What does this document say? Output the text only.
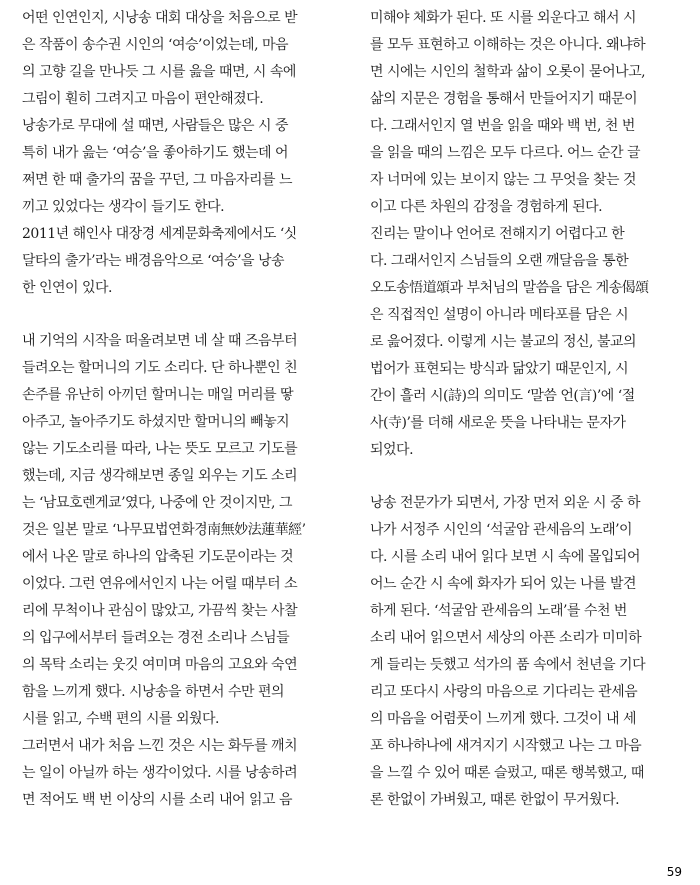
어떤 인연인지, 시낭송 대회 대상을 처음으로 받
은 작품이 송수권 시인의 ‘여승’이었는데, 마음
의 고향 길을 만나듯 그 시를 읊을 때면, 시 속에
그림이 훤히 그려지고 마음이 편안해졌다.
낭송가로 무대에 설 때면, 사람들은 많은 시 중
특히 내가 읊는 ‘여승’을 좋아하기도 했는데 어
쩌면 한 때 출가의 꿈을 꾸던, 그 마음자리를 느
끼고 있었다는 생각이 들기도 한다.
2011년 해인사 대장경 세계문화축제에서도 ‘싯
달타의 출가’라는 배경음악으로 ‘여승’을 낭송
한 인연이 있다.
내 기억의 시작을 떠올려보면 네 살 때 즈음부터
들려오는 할머니의 기도 소리다. 단 하나뿐인 친
손주를 유난히 아끼던 할머니는 매일 머리를 땋
아주고, 놀아주기도 하셨지만 할머니의 빼놓지
않는 기도소리를 따라, 나는 뜻도 모르고 기도를
했는데, 지금 생각해보면 종일 외우는 기도 소리
는 ‘남묘호렌게쿄’였다, 나중에 안 것이지만, 그
것은 일본 말로 ‘나무묘법연화경南無妙法蓮華經’
에서 나온 말로 하나의 압축된 기도문이라는 것
이었다. 그런 연유에서인지 나는 어릴 때부터 소
리에 무척이나 관심이 많았고, 가끔씩 찾는 사찰
의 입구에서부터 들려오는 경전 소리나 스님들
의 목탁 소리는 웃깃 여미며 마음의 고요와 숙연
함을 느끼게 했다. 시낭송을 하면서 수만 편의
시를 읽고, 수백 편의 시를 외웠다.
그러면서 내가 처음 느낀 것은 시는 화두를 깨치
는 일이 아닐까 하는 생각이었다. 시를 낭송하려
면 적어도 백 번 이상의 시를 소리 내어 읽고 음
미해야 체화가 된다. 또 시를 외운다고 해서 시
를 모두 표현하고 이해하는 것은 아니다. 왜냐하
면 시에는 시인의 철학과 삶이 오롯이 묻어나고,
삶의 지문은 경험을 통해서 만들어지기 때문이
다. 그래서인지 열 번을 읽을 때와 백 번, 천 번
을 읽을 때의 느낌은 모두 다르다. 어느 순간 글
자 너머에 있는 보이지 않는 그 무엇을 찾는 것
이고 다른 차원의 감정을 경험하게 된다.
진리는 말이나 언어로 전해지기 어렵다고 한
다. 그래서인지 스님들의 오랜 깨달음을 통한
오도송悟道頌과 부처님의 말씀을 담은 게송偈頌
은 직접적인 설명이 아니라 메타포를 담은 시
로 읊어졌다. 이렇게 시는 불교의 정신, 불교의
법어가 표현되는 방식과 닮았기 때문인지, 시
간이 흘러 시(詩)의 의미도 ‘말씀 언(言)’에 ‘절
사(寺)’를 더해 새로운 뜻을 나타내는 문자가
되었다.
낭송 전문가가 되면서, 가장 먼저 외운 시 중 하
나가 서정주 시인의 ‘석굴암 관세음의 노래’이
다. 시를 소리 내어 읽다 보면 시 속에 몰입되어
어느 순간 시 속에 화자가 되어 있는 나를 발견
하게 된다. ‘석굴암 관세음의 노래’를 수천 번
소리 내어 읽으면서 세상의 아픈 소리가 미미하
게 들리는 듯했고 석가의 품 속에서 천년을 기다
리고 또다시 사랑의 마음으로 기다리는 관세음
의 마음을 어렴풋이 느끼게 했다. 그것이 내 세
포 하나하나에 새겨지기 시작했고 나는 그 마음
을 느낄 수 있어 때론 슬펐고, 때론 행복했고, 때
론 한없이 가벼웠고, 때론 한없이 무거웠다.
59
